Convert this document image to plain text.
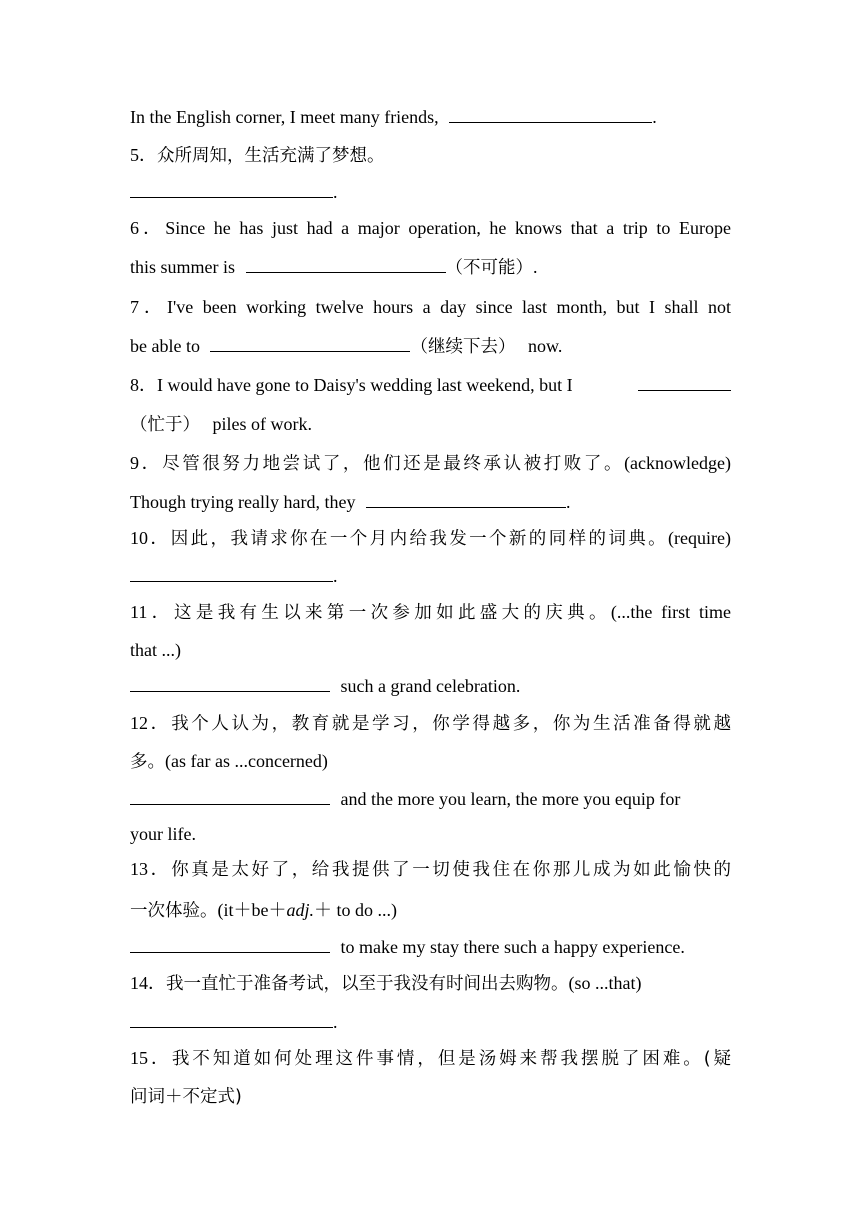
In the English corner, I meet many friends,	.
5．众所周知，生活充满了梦想。
.
6．Since he has just had a major operation, he knows that a trip to Europe
this summer is	（不可能）.
7．I've been working twelve hours a day since last month, but I shall not
be able to	（继续下去） now.
8．I would have gone to Daisy's wedding last weekend, but I
（忙于） piles of work.
9．尽管很努力地尝试了，他们还是最终承认被打败了。(acknowledge)
Though trying really hard, they	.
10．因此，我请求你在一个月内给我发一个新的同样的词典。(require)
.
11．这是我有生以来第一次参加如此盛大的庆典。(...the first time
that ...)
such a grand celebration.
12．我个人认为，教育就是学习，你学得越多，你为生活准备得就越
多。(as far as ...concerned)
and the more you learn, the more you equip for
your life.
13．你真是太好了，给我提供了一切使我住在你那儿成为如此愉快的
一次体验。(it＋be＋adj.＋ to do ...)
to make my stay there such a happy experience.
14．我一直忙于准备考试，以至于我没有时间出去购物。(so ...that)
.
15．我不知道如何处理这件事情，但是汤姆来帮我摆脱了困难。(疑
问词＋不定式)
